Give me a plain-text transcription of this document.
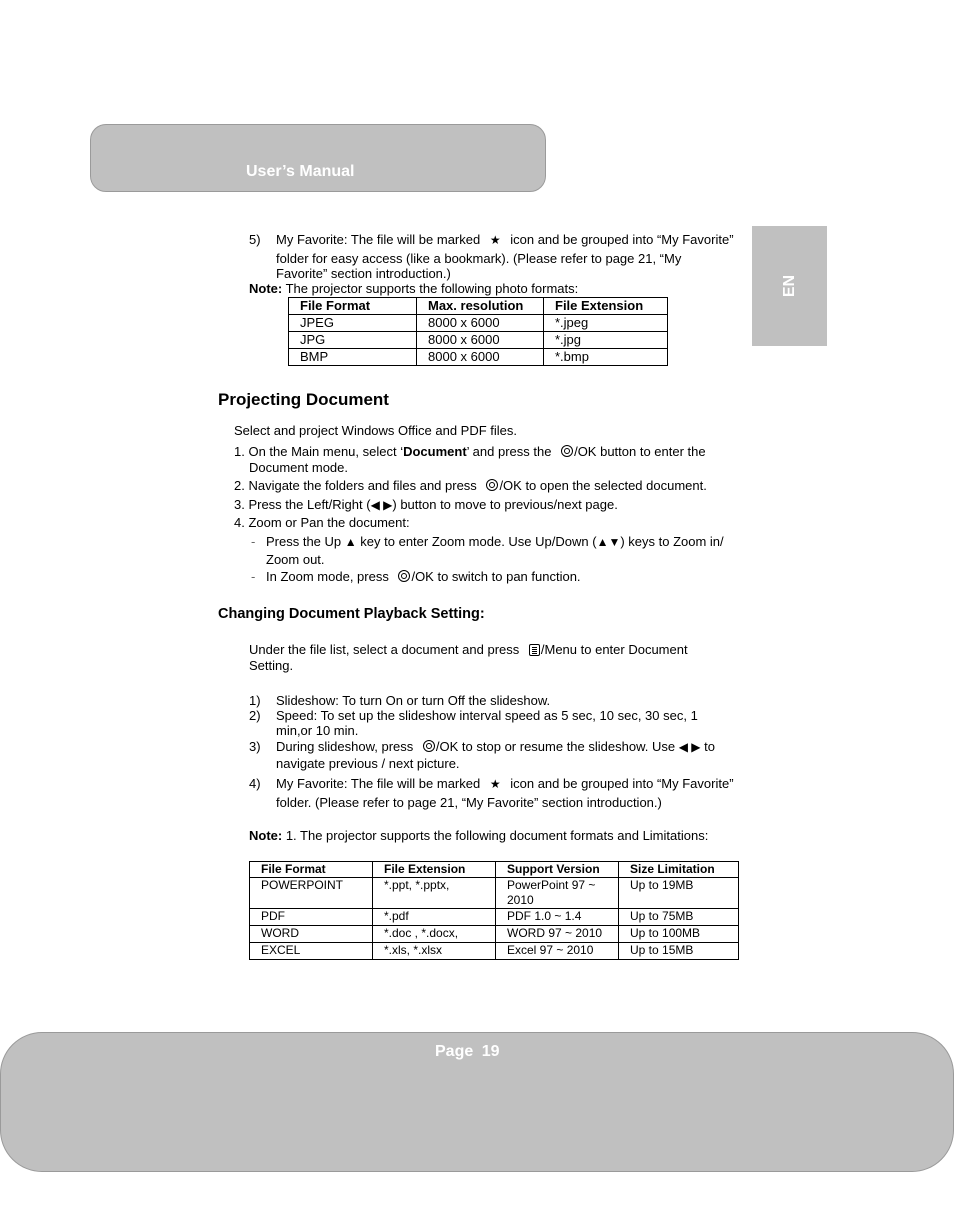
User’s Manual
EN
5) My Favorite: The file will be marked ★ icon and be grouped into “My Favorite”
folder for easy access (like a bookmark). (Please refer to page 21, “My
Favorite” section introduction.)
Note: The projector supports the following photo formats:
File Format	Max. resolution	File Extension
JPEG	8000 x 6000	*.jpeg
JPG	8000 x 6000	*.jpg
BMP	8000 x 6000	*.bmp
Projecting Document
Select and project Windows Office and PDF files.
1. On the Main menu, select ‘Document’ and press the /OK button to enter the
Document mode.
2. Navigate the folders and files and press /OK to open the selected document.
3. Press the Left/Right (◀ ▶) button to move to previous/next page.
4. Zoom or Pan the document:
- Press the Up ▲ key to enter Zoom mode. Use Up/Down (▲▼) keys to Zoom in/
Zoom out.
- In Zoom mode, press /OK to switch to pan function.
Changing Document Playback Setting:
Under the file list, select a document and press /Menu to enter Document
Setting.
1) Slideshow: To turn On or turn Off the slideshow.
2) Speed: To set up the slideshow interval speed as 5 sec, 10 sec, 30 sec, 1
min,or 10 min.
3) During slideshow, press /OK to stop or resume the slideshow. Use ◀ ▶ to
navigate previous / next picture.
4) My Favorite: The file will be marked ★ icon and be grouped into “My Favorite”
folder. (Please refer to page 21, “My Favorite” section introduction.)
Note: 1. The projector supports the following document formats and Limitations:
File Format	File Extension	Support Version	Size Limitation
POWERPOINT	*.ppt, *.pptx,	PowerPoint 97 ~ 2010	Up to 19MB
PDF	*.pdf	PDF 1.0 ~ 1.4	Up to 75MB
WORD	*.doc , *.docx,	WORD 97 ~ 2010	Up to 100MB
EXCEL	*.xls, *.xlsx	Excel 97 ~ 2010	Up to 15MB
Page 19
